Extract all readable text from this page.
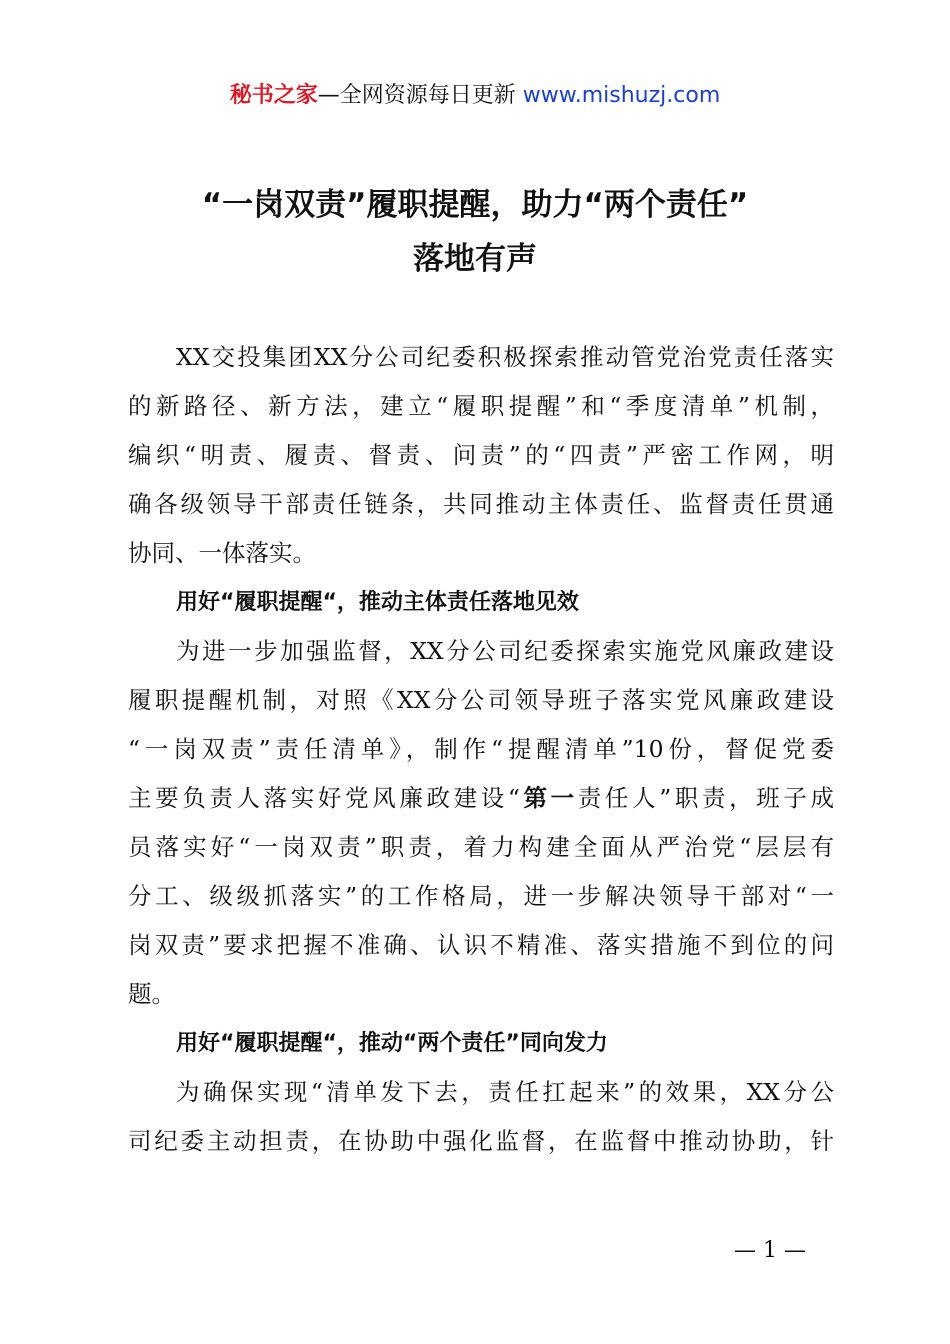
秘书之家—全网资源每日更新 www.mishuzj.com
“一岗双责”履职提醒，助力“两个责任”
落地有声
XX交投集团XX分公司纪委积极探索推动管党治党责任落实
的新路径、新方法，建立“履职提醒”和“季度清单”机制，
编织“明责、履责、督责、问责”的“四责”严密工作网，明
确各级领导干部责任链条，共同推动主体责任、监督责任贯通
协同、一体落实。
用好“履职提醒“，推动主体责任落地见效
为进一步加强监督，XX分公司纪委探索实施党风廉政建设
履职提醒机制，对照《XX分公司领导班子落实党风廉政建设
“一岗双责”责任清单》，制作“提醒清单”10份，督促党委
主要负责人落实好党风廉政建设“第一责任人”职责，班子成
员落实好“一岗双责”职责，着力构建全面从严治党“层层有
分工、级级抓落实”的工作格局，进一步解决领导干部对“一
岗双责”要求把握不准确、认识不精准、落实措施不到位的问
题。
用好“履职提醒“，推动“两个责任”同向发力
为确保实现“清单发下去，责任扛起来”的效果，XX分公
司纪委主动担责，在协助中强化监督，在监督中推动协助，针
— 1 —
